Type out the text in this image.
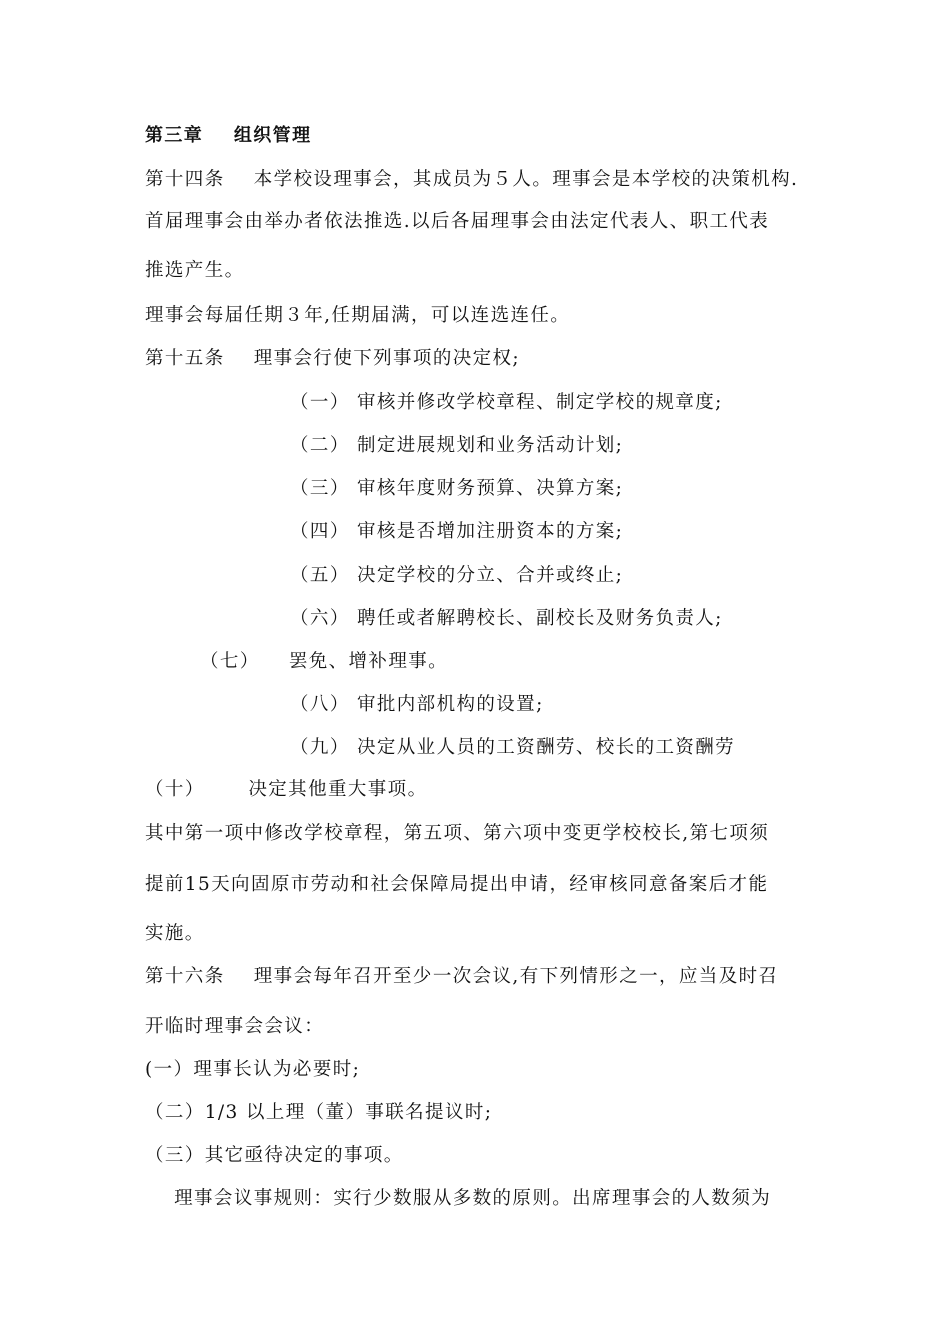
第三章    组织管理
第十四条    本学校设理事会，其成员为５人。理事会是本学校的决策机构.
首届理事会由举办者依法推选.以后各届理事会由法定代表人、职工代表
推选产生。
理事会每届任期３年,任期届满，可以连选连任。
第十五条    理事会行使下列事项的决定权;
（一） 审核并修改学校章程、制定学校的规章度;
（二） 制定进展规划和业务活动计划;
（三） 审核年度财务预算、决算方案;
（四） 审核是否增加注册资本的方案;
（五） 决定学校的分立、合并或终止;
（六） 聘任或者解聘校长、副校长及财务负责人;
（七）    罢免、增补理事。
（八） 审批内部机构的设置;
（九） 决定从业人员的工资酬劳、校长的工资酬劳
（十）      决定其他重大事项。
其中第一项中修改学校章程，第五项、第六项中变更学校校长,第七项须
提前15天向固原市劳动和社会保障局提出申请，经审核同意备案后才能
实施。
第十六条    理事会每年召开至少一次会议,有下列情形之一，应当及时召
开临时理事会会议：
(一）理事长认为必要时;
（二）1/3 以上理（董）事联名提议时;
（三）其它亟待决定的事项。
理事会议事规则：实行少数服从多数的原则。出席理事会的人数须为
